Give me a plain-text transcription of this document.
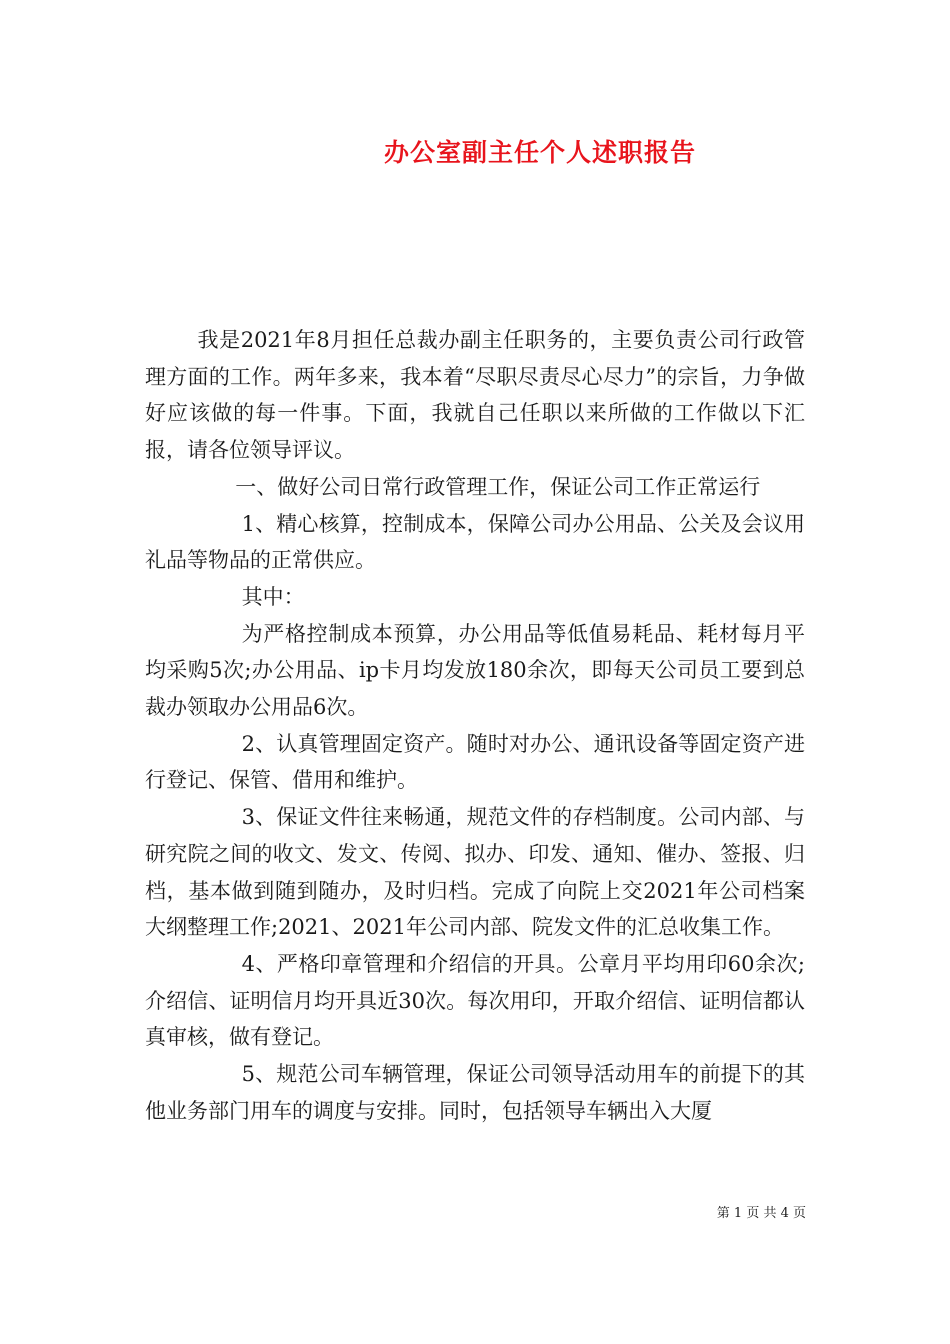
办公室副主任个人述职报告

我是2021年8月担任总裁办副主任职务的，主要负责公司行政管理方面的工作。两年多来，我本着“尽职尽责尽心尽力”的宗旨，力争做好应该做的每一件事。下面，我就自己任职以来所做的工作做以下汇报，请各位领导评议。

一、做好公司日常行政管理工作，保证公司工作正常运行

1、精心核算，控制成本，保障公司办公用品、公关及会议用礼品等物品的正常供应。

其中：

为严格控制成本预算，办公用品等低值易耗品、耗材每月平均采购5次;办公用品、ip卡月均发放180余次，即每天公司员工要到总裁办领取办公用品6次。

2、认真管理固定资产。随时对办公、通讯设备等固定资产进行登记、保管、借用和维护。

3、保证文件往来畅通，规范文件的存档制度。公司内部、与研究院之间的收文、发文、传阅、拟办、印发、通知、催办、签报、归档，基本做到随到随办，及时归档。完成了向院上交2021年公司档案大纲整理工作;2021、2021年公司内部、院发文件的汇总收集工作。

4、严格印章管理和介绍信的开具。公章月平均用印60余次;介绍信、证明信月均开具近30次。每次用印，开取介绍信、证明信都认真审核，做有登记。

5、规范公司车辆管理，保证公司领导活动用车的前提下的其他业务部门用车的调度与安排。同时，包括领导车辆出入大厦

第 1 页 共 4 页
